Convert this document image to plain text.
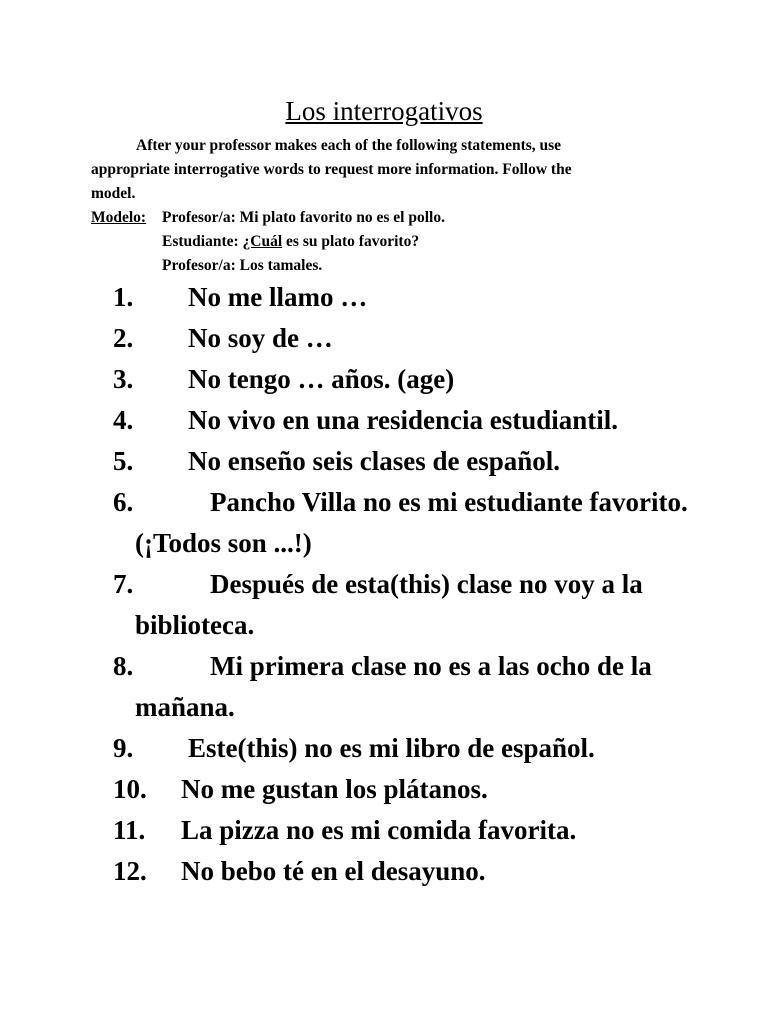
Los interrogativos
After your professor makes each of the following statements, use
appropriate interrogative words to request more information. Follow the
model.
Modelo: Profesor/a: Mi plato favorito no es el pollo.
Estudiante: ¿Cuál es su plato favorito?
Profesor/a: Los tamales.
1.	No me llamo …
2.	No soy de …
3.	No tengo … años. (age)
4.	No vivo en una residencia estudiantil.
5.	No enseño seis clases de español.
6.	Pancho Villa no es mi estudiante favorito. (¡Todos son ...!)
7.	Después de esta(this) clase no voy a la biblioteca.
8.	Mi primera clase no es a las ocho de la mañana.
9.	Este(this) no es mi libro de español.
10.	No me gustan los plátanos.
11.	La pizza no es mi comida favorita.
12.	No bebo té en el desayuno.
